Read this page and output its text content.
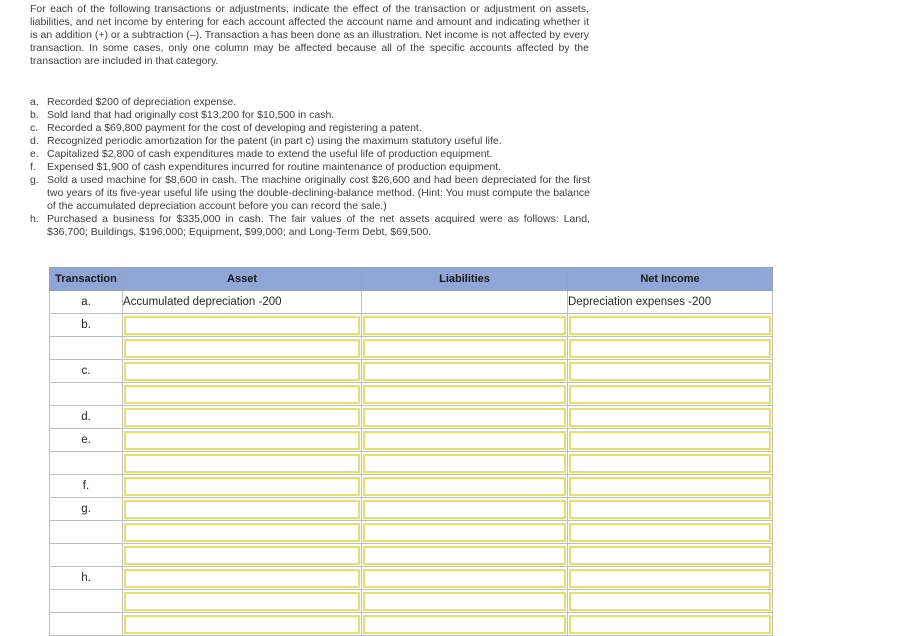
For each of the following transactions or adjustments, indicate the effect of the transaction or adjustment on assets, liabilities, and net income by entering for each account affected the account name and amount and indicating whether it is an addition (+) or a subtraction (–). Transaction a has been done as an illustration. Net income is not affected by every transaction. In some cases, only one column may be affected because all of the specific accounts affected by the transaction are included in that category.

a. Recorded $200 of depreciation expense.
b. Sold land that had originally cost $13,200 for $10,500 in cash.
c. Recorded a $69,800 payment for the cost of developing and registering a patent.
d. Recognized periodic amortization for the patent (in part c) using the maximum statutory useful life.
e. Capitalized $2,800 of cash expenditures made to extend the useful life of production equipment.
f. Expensed $1,900 of cash expenditures incurred for routine maintenance of production equipment.
g. Sold a used machine for $8,600 in cash. The machine originally cost $26,600 and had been depreciated for the first two years of its five-year useful life using the double-declining-balance method. (Hint: You must compute the balance of the accumulated depreciation account before you can record the sale.)
h. Purchased a business for $335,000 in cash. The fair values of the net assets acquired were as follows: Land, $36,700; Buildings, $196,000; Equipment, $99,000; and Long-Term Debt, $69,500.
Transaction	Asset	Liabilities	Net Income
a.	Accumulated depreciation -200		Depreciation expenses -200
b.	

c.	

d.	

e.	

f.	

g.	

h.	
